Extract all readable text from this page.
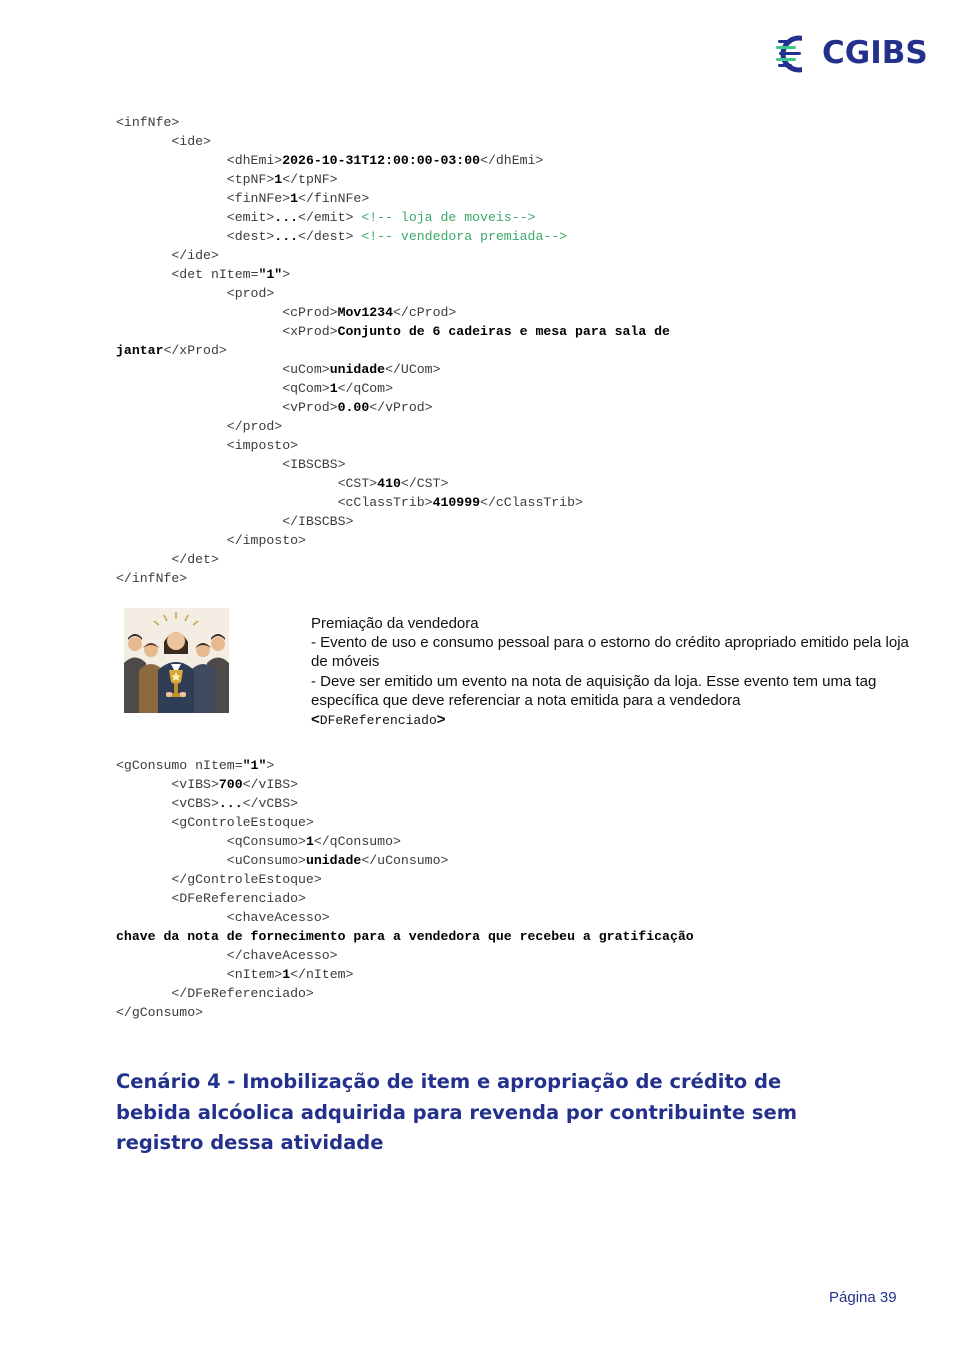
CGIBS
<infNfe>
<ide>
<dhEmi>2026-10-31T12:00:00-03:00</dhEmi>
<tpNF>1</tpNF>
<finNFe>1</finNFe>
<emit>...</emit> <!-- loja de moveis-->
<dest>...</dest> <!-- vendedora premiada-->
</ide>
<det nItem="1">
<prod>
<cProd>Mov1234</cProd>
<xProd>Conjunto de 6 cadeiras e mesa para sala de
jantar</xProd>
<uCom>unidade</UCom>
<qCom>1</qCom>
<vProd>0.00</vProd>
</prod>
<imposto>
<IBSCBS>
<CST>410</CST>
<cClassTrib>410999</cClassTrib>
</IBSCBS>
</imposto>
</det>
</infNfe>
Premiação da vendedora
- Evento de uso e consumo pessoal para o estorno do crédito apropriado emitido pela loja de móveis
- Deve ser emitido um evento na nota de aquisição da loja. Esse evento tem uma tag específica que deve referenciar a nota emitida para a vendedora
<DFeReferenciado>
<gConsumo nItem="1">
<vIBS>700</vIBS>
<vCBS>...</vCBS>
<gControleEstoque>
<qConsumo>1</qConsumo>
<uConsumo>unidade</uConsumo>
</gControleEstoque>
<DFeReferenciado>
<chaveAcesso>
chave da nota de fornecimento para a vendedora que recebeu a gratificação
</chaveAcesso>
<nItem>1</nItem>
</DFeReferenciado>
</gConsumo>
Cenário 4 - Imobilização de item e apropriação de crédito de bebida alcóolica adquirida para revenda por contribuinte sem registro dessa atividade
Página 39
